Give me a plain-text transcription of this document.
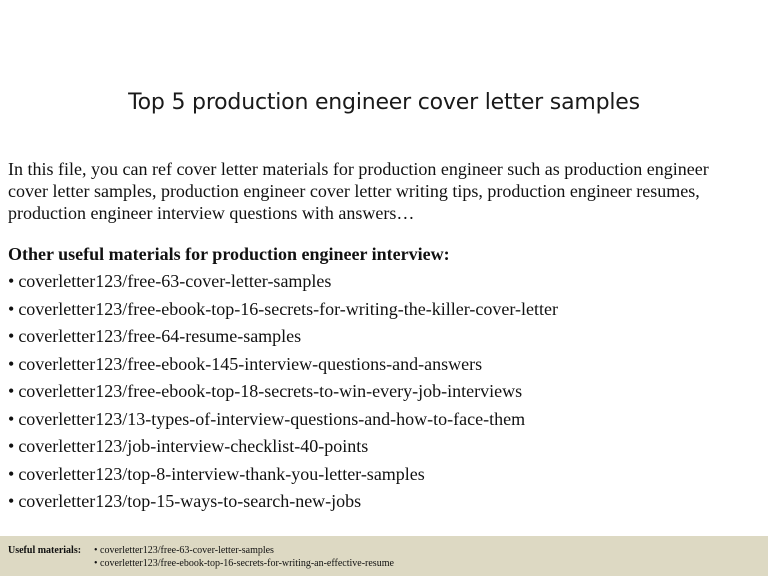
Top 5 production engineer cover letter samples
In this file, you can ref cover letter materials for production engineer such as production engineer
cover letter samples, production engineer cover letter writing tips, production engineer resumes,
production engineer interview questions with answers…
Other useful materials for production engineer interview:
• coverletter123/free-63-cover-letter-samples
• coverletter123/free-ebook-top-16-secrets-for-writing-the-killer-cover-letter
• coverletter123/free-64-resume-samples
• coverletter123/free-ebook-145-interview-questions-and-answers
• coverletter123/free-ebook-top-18-secrets-to-win-every-job-interviews
• coverletter123/13-types-of-interview-questions-and-how-to-face-them
• coverletter123/job-interview-checklist-40-points
• coverletter123/top-8-interview-thank-you-letter-samples
• coverletter123/top-15-ways-to-search-new-jobs
Useful materials: • coverletter123/free-63-cover-letter-samples
• coverletter123/free-ebook-top-16-secrets-for-writing-an-effective-resume
